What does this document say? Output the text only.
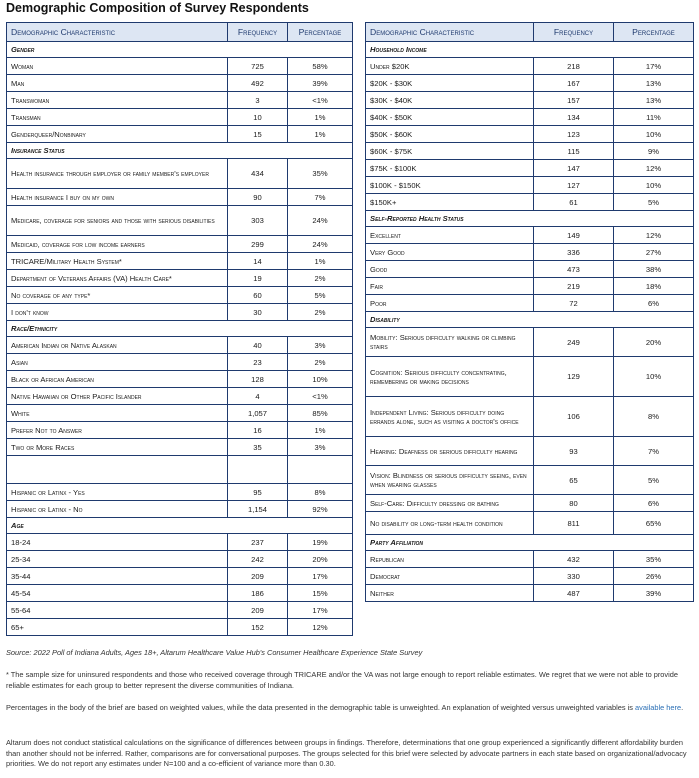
Demographic Composition of Survey Respondents
Demographic Characteristic	Frequency	Percentage
Gender		
Woman	725	58%
Man	492	39%
Transwoman	3	<1%
Transman	10	1%
Genderqueer/Nonbinary	15	1%
Insurance Status		
Health insurance through employer or family member's employer	434	35%
Health insurance I buy on my own	90	7%
Medicare, coverage for seniors and those with serious disabilities	303	24%
Medicaid, coverage for low income earners	299	24%
TRICARE/Military Health System*	14	1%
Department of Veterans Affairs (VA) Health Care*	19	2%
No coverage of any type*	60	5%
I don't know	30	2%
Race/Ethnicity		
American Indian or Native Alaskan	40	3%
Asian	23	2%
Black or African American	128	10%
Native Hawaiian or Other Pacific Islander	4	<1%
White	1,057	85%
Prefer Not to Answer	16	1%
Two or More Races	35	3%

Hispanic or Latinx - Yes	95	8%
Hispanic or Latinx - No	1,154	92%
Age		
18-24	237	19%
25-34	242	20%
35-44	209	17%
45-54	186	15%
55-64	209	17%
65+	152	12%
Demographic Characteristic	Frequency	Percentage
Household Income		
Under $20K	218	17%
$20K - $30K	167	13%
$30K - $40K	157	13%
$40K - $50K	134	11%
$50K - $60K	123	10%
$60K - $75K	115	9%
$75K - $100K	147	12%
$100K - $150K	127	10%
$150K+	61	5%
Self-Reported Health Status		
Excellent	149	12%
Very Good	336	27%
Good	473	38%
Fair	219	18%
Poor	72	6%
Disability		
Mobility: Serious difficulty walking or climbing stairs	249	20%
Cognition: Serious difficulty concentrating, remembering or making decisions	129	10%
Independent Living: Serious difficulty doing errands alone, such as visiting a doctor's office	106	8%
Hearing: Deafness or serious difficulty hearing	93	7%
Vision: Blindness or serious difficulty seeing, even when wearing glasses	65	5%
Self-Care: Difficulty dressing or bathing	80	6%
No disability or long-term health condition	811	65%
Party Affiliation		
Republican	432	35%
Democrat	330	26%
Neither	487	39%
Source: 2022 Poll of Indiana Adults, Ages 18+, Altarum Healthcare Value Hub's Consumer Healthcare Experience State Survey
* The sample size for uninsured respondents and those who received coverage through TRICARE and/or the VA was not large enough to report reliable estimates. We regret that we were not able to provide reliable estimates for each group to better represent the diverse communities of Indiana.
Percentages in the body of the brief are based on weighted values, while the data presented in the demographic table is unweighted. An explanation of weighted versus unweighted variables is available here.
Altarum does not conduct statistical calculations on the significance of differences between groups in findings. Therefore, determinations that one group experienced a significantly different affordability burden than another should not be inferred. Rather, comparisons are for conversational purposes. The groups selected for this brief were selected by advocate partners in each state based on organizational/advocacy priorities. We do not report any estimates under N=100 and a co-efficient of variance more than 0.30.
